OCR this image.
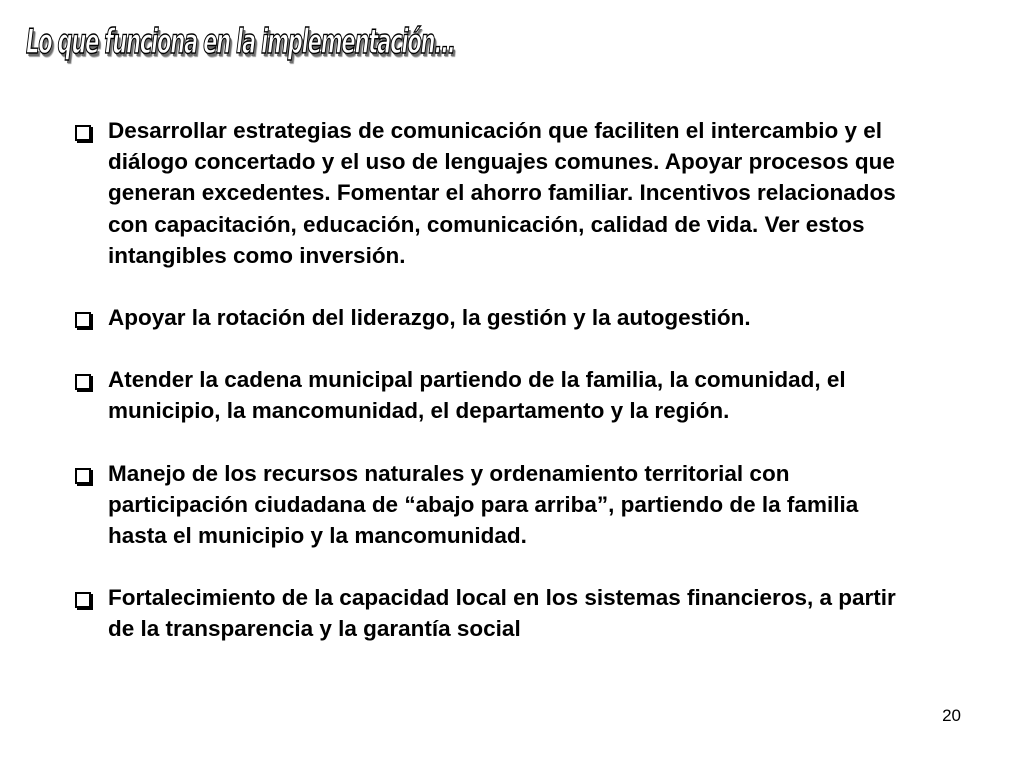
Lo que funciona en la implementación...
Desarrollar estrategias de comunicación que faciliten el intercambio y el diálogo concertado y el uso de lenguajes comunes. Apoyar procesos que generan excedentes. Fomentar el ahorro familiar. Incentivos relacionados con capacitación, educación, comunicación, calidad de vida. Ver estos intangibles como inversión.
Apoyar la rotación del liderazgo, la gestión y la autogestión.
Atender la cadena municipal partiendo de la familia, la comunidad, el municipio, la mancomunidad, el departamento y la región.
Manejo de los recursos naturales y ordenamiento territorial con participación ciudadana de “abajo para arriba”, partiendo de la familia hasta el municipio y la mancomunidad.
Fortalecimiento de la capacidad local en los sistemas financieros, a partir de la transparencia y la garantía social
20
